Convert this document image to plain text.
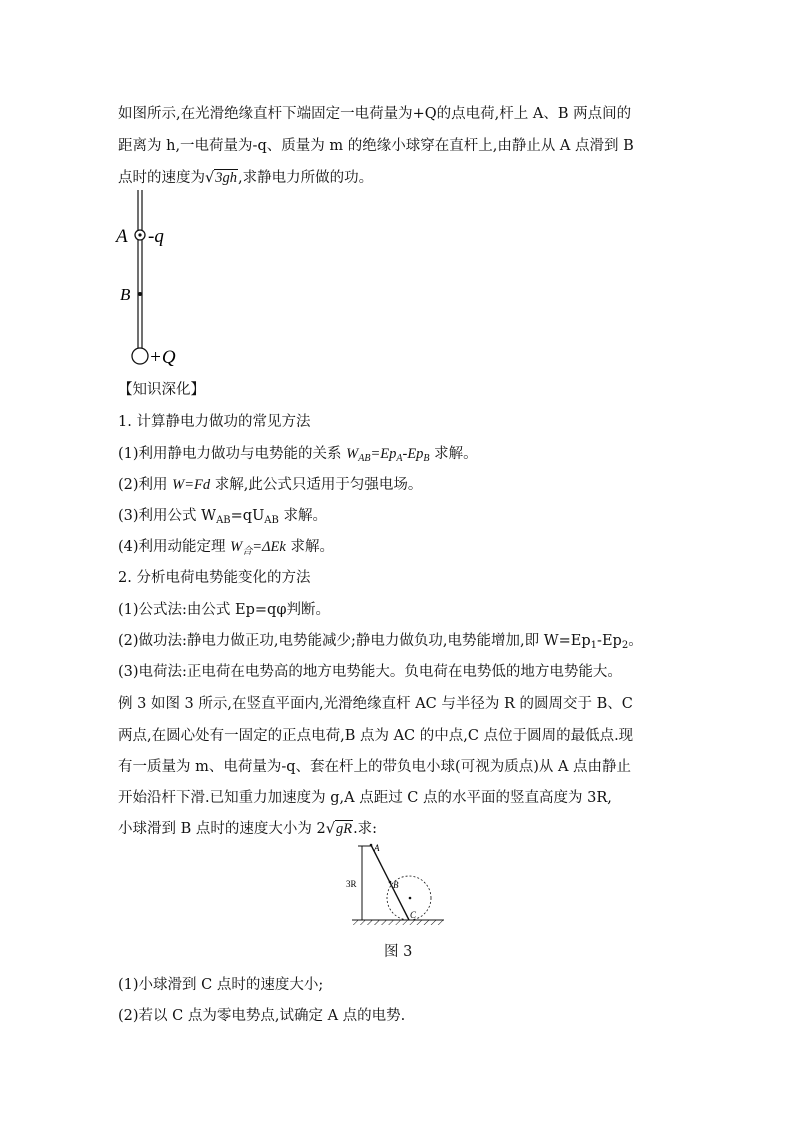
如图所示,在光滑绝缘直杆下端固定一电荷量为+Q的点电荷,杆上 A、B 两点间的
距离为 h,一电荷量为-q、质量为 m 的绝缘小球穿在直杆上,由静止从 A 点滑到 B
点时的速度为√3gh,求静电力所做的功。
A -q
B
+Q
【知识深化】
1. 计算静电力做功的常见方法
(1)利用静电力做功与电势能的关系 $W_{AB}=Ep_A-Ep_B$ 求解。
(2)利用 W=Fd 求解,此公式只适用于匀强电场。
(3)利用公式 $W_{AB}=qU_{AB}$ 求解。
(4)利用动能定理 $W_合=\Delta Ek$ 求解。
2. 分析电荷电势能变化的方法
(1)公式法:由公式 Ep=qφ判断。
(2)做功法:静电力做正功,电势能减少;静电力做负功,电势能增加,即 $W=Ep_1-Ep_2$。
(3)电荷法:正电荷在电势高的地方电势能大。负电荷在电势低的地方电势能大。
例 3 如图 3 所示,在竖直平面内,光滑绝缘直杆 AC 与半径为 R 的圆周交于 B、C
两点,在圆心处有一固定的正点电荷,B 点为 AC 的中点,C 点位于圆周的最低点.现
有一质量为 m、电荷量为-q、套在杆上的带负电小球(可视为质点)从 A 点由静止
开始沿杆下滑.已知重力加速度为 g,A 点距过 C 点的水平面的竖直高度为 3R,
小球滑到 B 点时的速度大小为 2√gR.求:
3R
A
B
C
图 3
(1)小球滑到 C 点时的速度大小;
(2)若以 C 点为零电势点,试确定 A 点的电势.
